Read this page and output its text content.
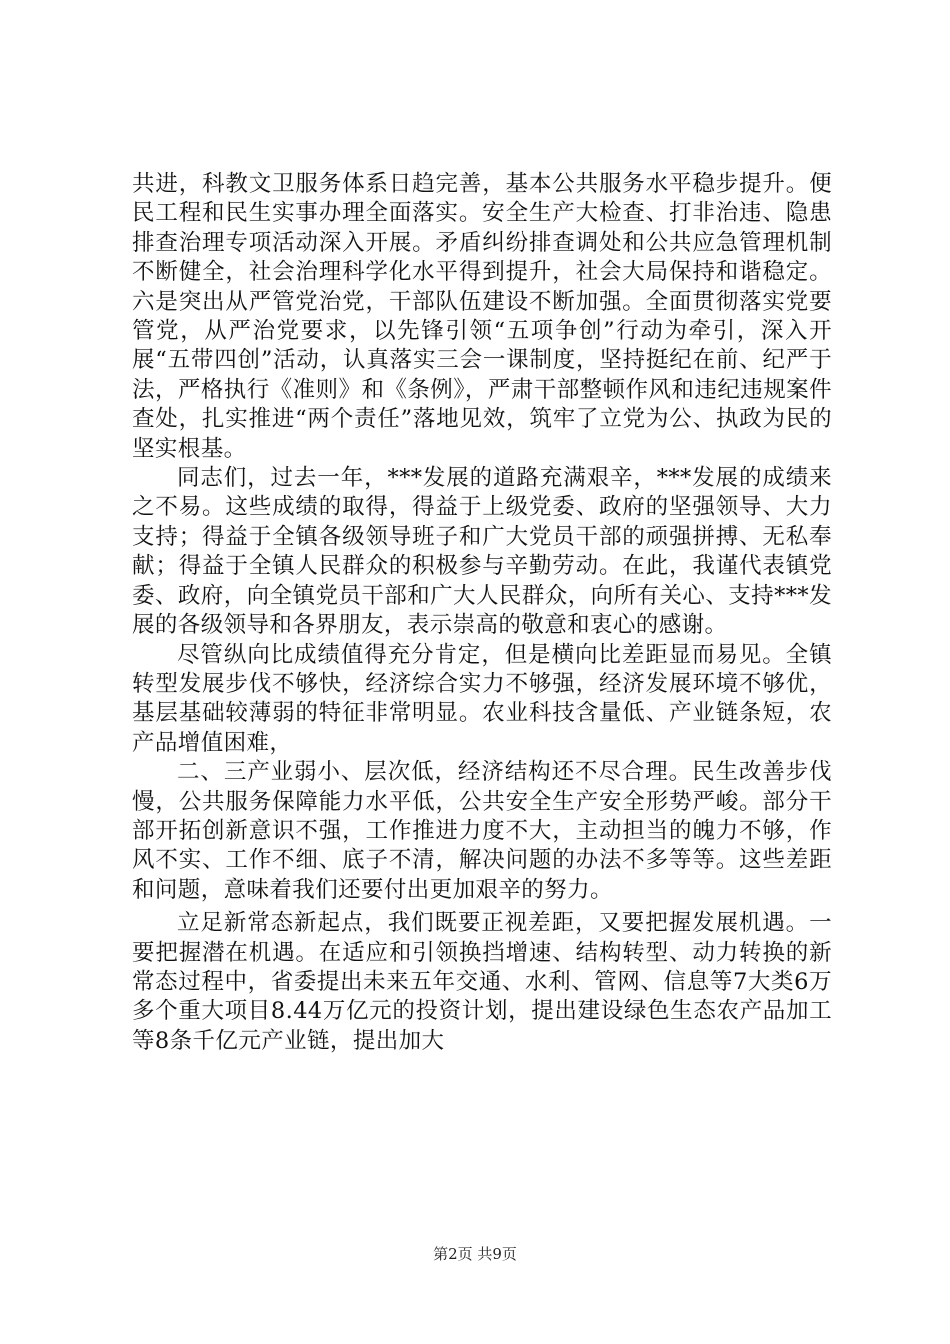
共进，科教文卫服务体系日趋完善，基本公共服务水平稳步提升。便民工程和民生实事办理全面落实。安全生产大检查、打非治违、隐患排查治理专项活动深入开展。矛盾纠纷排查调处和公共应急管理机制不断健全，社会治理科学化水平得到提升，社会大局保持和谐稳定。六是突出从严管党治党，干部队伍建设不断加强。全面贯彻落实党要管党，从严治党要求，以先锋引领“五项争创”行动为牵引，深入开展“五带四创”活动，认真落实三会一课制度，坚持挺纪在前、纪严于法，严格执行《准则》和《条例》，严肃干部整顿作风和违纪违规案件查处，扎实推进“两个责任”落地见效，筑牢了立党为公、执政为民的坚实根基。

同志们，过去一年，***发展的道路充满艰辛，***发展的成绩来之不易。这些成绩的取得，得益于上级党委、政府的坚强领导、大力支持；得益于全镇各级领导班子和广大党员干部的顽强拼搏、无私奉献；得益于全镇人民群众的积极参与辛勤劳动。在此，我谨代表镇党委、政府，向全镇党员干部和广大人民群众，向所有关心、支持***发展的各级领导和各界朋友，表示崇高的敬意和衷心的感谢。

尽管纵向比成绩值得充分肯定，但是横向比差距显而易见。全镇转型发展步伐不够快，经济综合实力不够强，经济发展环境不够优，基层基础较薄弱的特征非常明显。农业科技含量低、产业链条短，农产品增值困难，

二、三产业弱小、层次低，经济结构还不尽合理。民生改善步伐慢，公共服务保障能力水平低，公共安全生产安全形势严峻。部分干部开拓创新意识不强，工作推进力度不大，主动担当的魄力不够，作风不实、工作不细、底子不清，解决问题的办法不多等等。这些差距和问题，意味着我们还要付出更加艰辛的努力。

立足新常态新起点，我们既要正视差距，又要把握发展机遇。一要把握潜在机遇。在适应和引领换挡增速、结构转型、动力转换的新常态过程中，省委提出未来五年交通、水利、管网、信息等7大类6万多个重大项目8.44万亿元的投资计划，提出建设绿色生态农产品加工等8条千亿元产业链，提出加大

第2页 共9页
